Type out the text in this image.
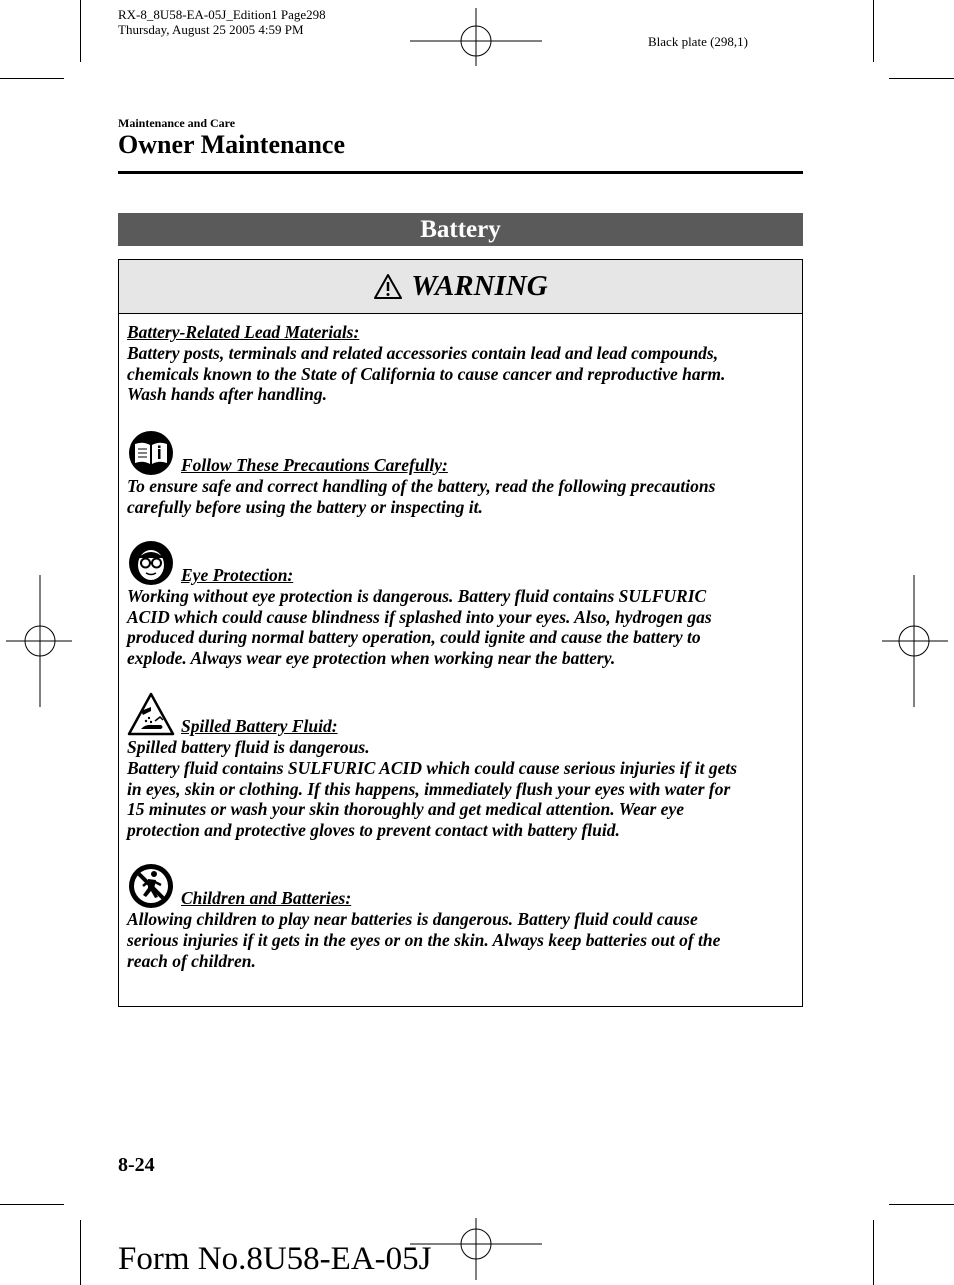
RX-8_8U58-EA-05J_Edition1 Page298
Thursday, August 25 2005 4:59 PM
Black plate (298,1)
Maintenance and Care
Owner Maintenance
Battery
WARNING

Battery-Related Lead Materials:

Battery posts, terminals and related accessories contain lead and lead compounds,

chemicals known to the State of California to cause cancer and reproductive harm.

Wash hands after handling.

Follow These Precautions Carefully:

To ensure safe and correct handling of the battery, read the following precautions

carefully before using the battery or inspecting it.

Eye Protection:

Working without eye protection is dangerous. Battery fluid contains SULFURIC

ACID which could cause blindness if splashed into your eyes. Also, hydrogen gas

produced during normal battery operation, could ignite and cause the battery to

explode. Always wear eye protection when working near the battery.

Spilled Battery Fluid:

Spilled battery fluid is dangerous.

Battery fluid contains SULFURIC ACID which could cause serious injuries if it gets

in eyes, skin or clothing. If this happens, immediately flush your eyes with water for

15 minutes or wash your skin thoroughly and get medical attention. Wear eye

protection and protective gloves to prevent contact with battery fluid.

Children and Batteries:

Allowing children to play near batteries is dangerous. Battery fluid could cause

serious injuries if it gets in the eyes or on the skin. Always keep batteries out of the

reach of children.

8-24
Form No.8U58-EA-05J
